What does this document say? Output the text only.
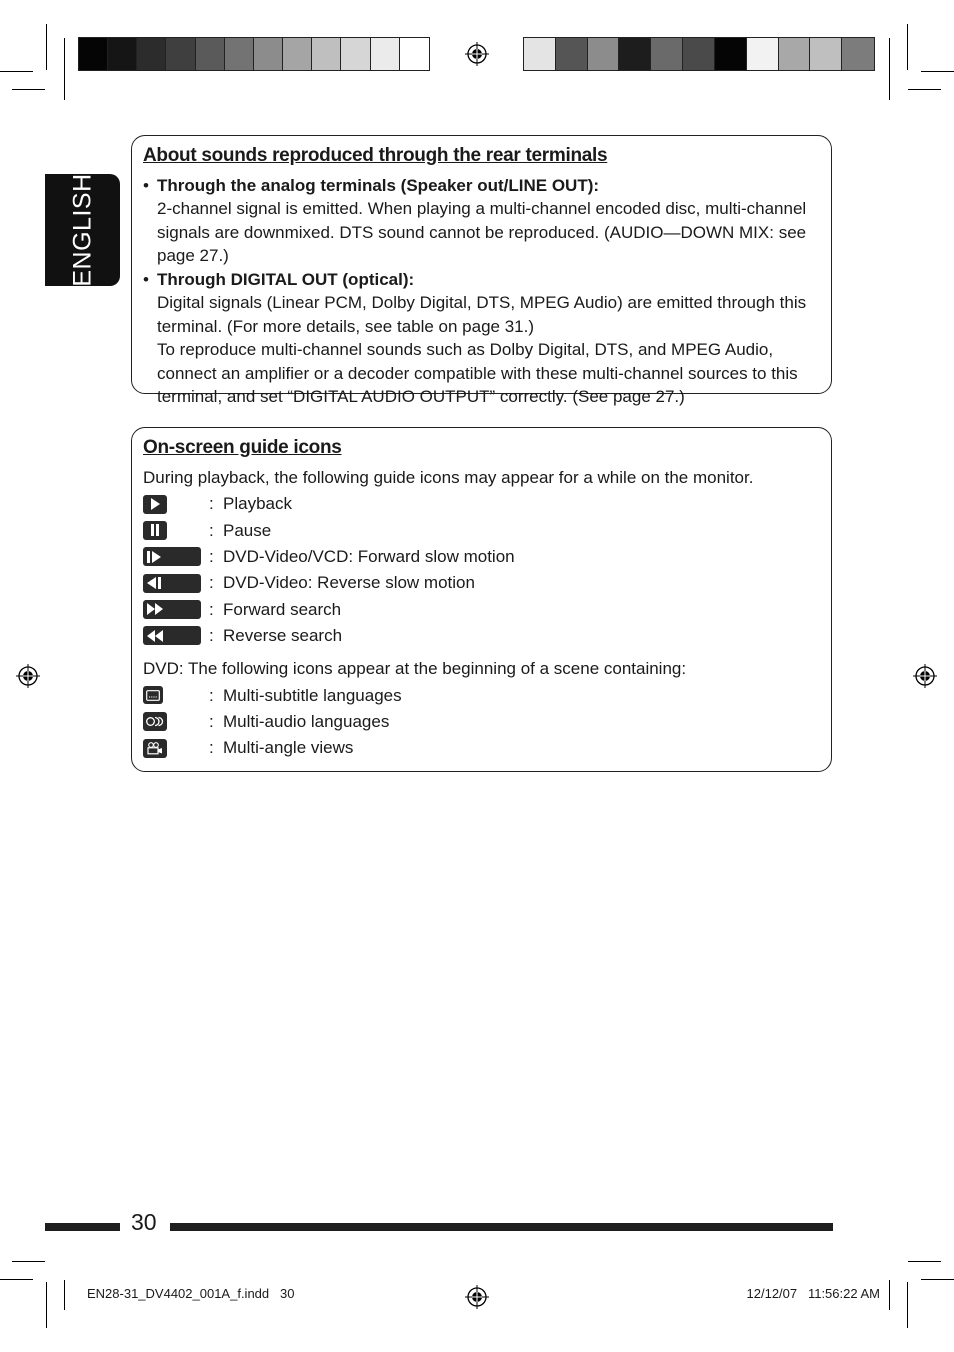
ENGLISH
About sounds reproduced through the rear terminals
• Through the analog terminals (Speaker out/LINE OUT):

2-channel signal is emitted. When playing a multi-channel encoded disc, multi-channel signals are downmixed. DTS sound cannot be reproduced. (AUDIO—DOWN MIX: see page 27.)

• Through DIGITAL OUT (optical):

Digital signals (Linear PCM, Dolby Digital, DTS, MPEG Audio) are emitted through this terminal. (For more details, see table on page 31.)

To reproduce multi-channel sounds such as Dolby Digital, DTS, and MPEG Audio, connect an amplifier or a decoder compatible with these multi-channel sources to this terminal, and set “DIGITAL AUDIO OUTPUT” correctly. (See page 27.)

On-screen guide icons
During playback, the following guide icons may appear for a while on the monitor.
: Playback
: Pause
: DVD-Video/VCD: Forward slow motion
: DVD-Video: Reverse slow motion
: Forward search
: Reverse search
DVD: The following icons appear at the beginning of a scene containing:
: Multi-subtitle languages
: Multi-audio languages
: Multi-angle views
30
EN28-31_DV4402_001A_f.indd   30	12/12/07   11:56:22 AM
